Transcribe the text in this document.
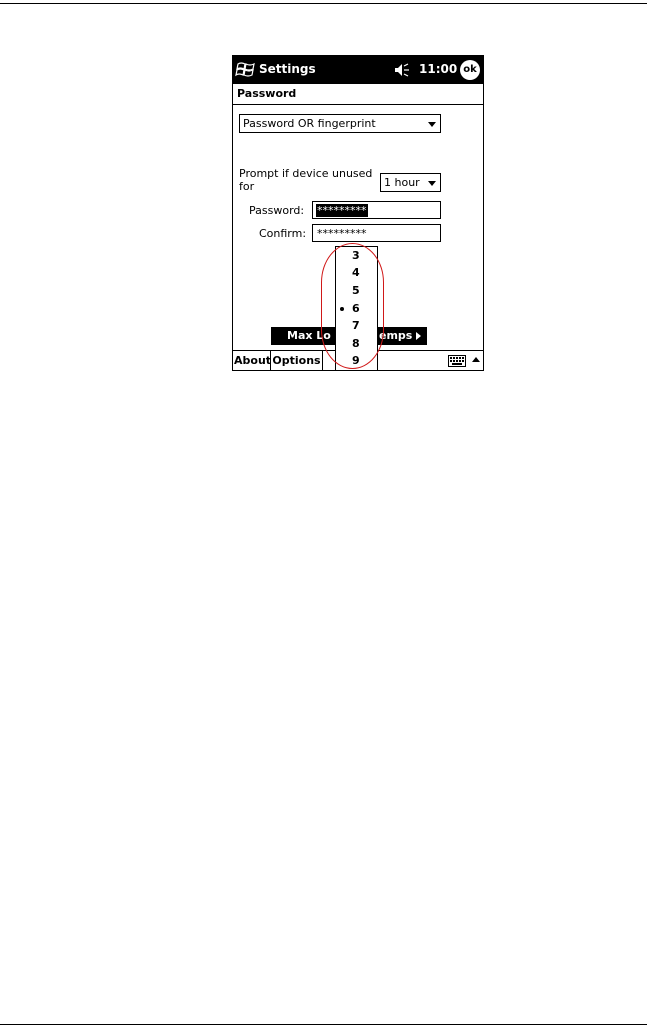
Settings	11:00 ok
Password
Password OR fingerprint
Prompt if device unused
for	1 hour
Password: *********
Confirm: *********
Max Lo	emps
About Options
3
4
5
6
7
8
9
